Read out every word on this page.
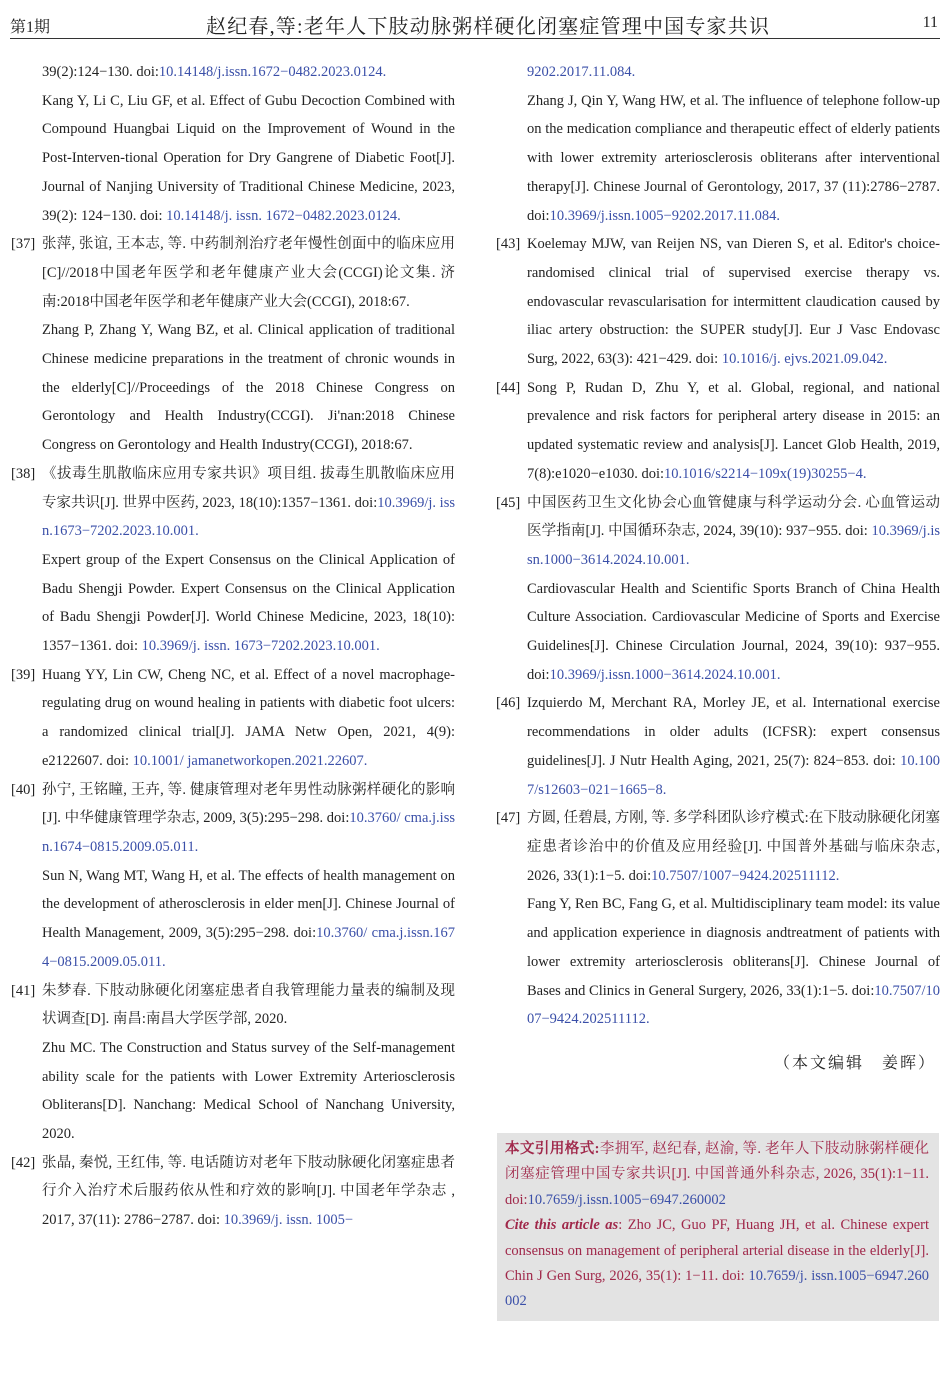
第1期	赵纪春,等:老年人下肢动脉粥样硬化闭塞症管理中国专家共识	11
39(2):124−130. doi:10.14148/j.issn.1672−0482.2023.0124.
Kang Y, Li C, Liu GF, et al. Effect of Gubu Decoction Combined with Compound Huangbai Liquid on the Improvement of Wound in the Post-Interven-tional Operation for Dry Gangrene of Diabetic Foot[J]. Journal of Nanjing University of Traditional Chinese Medicine, 2023, 39(2): 124−130. doi: 10.14148/j. issn. 1672−0482.2023.0124.
[37] 张萍, 张谊, 王本志, 等. 中药制剂治疗老年慢性创面中的临床应用[C]//2018中国老年医学和老年健康产业大会(CCGI)论文集. 济南:2018中国老年医学和老年健康产业大会(CCGI), 2018:67.
Zhang P, Zhang Y, Wang BZ, et al. Clinical application of traditional Chinese medicine preparations in the treatment of chronic wounds in the elderly[C]//Proceedings of the 2018 Chinese Congress on Gerontology and Health Industry(CCGI). Ji'nan:2018 Chinese Congress on Gerontology and Health Industry(CCGI), 2018:67.
[38] 《拔毒生肌散临床应用专家共识》项目组. 拔毒生肌散临床应用专家共识[J]. 世界中医药, 2023, 18(10):1357−1361. doi:10.3969/j. issn.1673−7202.2023.10.001.
Expert group of the Expert Consensus on the Clinical Application of Badu Shengji Powder. Expert Consensus on the Clinical Application of Badu Shengji Powder[J]. World Chinese Medicine, 2023, 18(10): 1357−1361. doi: 10.3969/j. issn. 1673−7202.2023.10.001.
[39] Huang YY, Lin CW, Cheng NC, et al. Effect of a novel macrophage-regulating drug on wound healing in patients with diabetic foot ulcers: a randomized clinical trial[J]. JAMA Netw Open, 2021, 4(9): e2122607. doi: 10.1001/ jamanetworkopen.2021.22607.
[40] 孙宁, 王铭瞳, 王卉, 等. 健康管理对老年男性动脉粥样硬化的影响[J]. 中华健康管理学杂志, 2009, 3(5):295−298. doi:10.3760/ cma.j.issn.1674−0815.2009.05.011.
Sun N, Wang MT, Wang H, et al. The effects of health management on the development of atherosclerosis in elder men[J]. Chinese Journal of Health Management, 2009, 3(5):295−298. doi:10.3760/ cma.j.issn.1674−0815.2009.05.011.
[41] 朱梦春. 下肢动脉硬化闭塞症患者自我管理能力量表的编制及现状调查[D]. 南昌:南昌大学医学部, 2020.
Zhu MC. The Construction and Status survey of the Self-management ability scale for the patients with Lower Extremity Arteriosclerosis Obliterans[D]. Nanchang: Medical School of Nanchang University, 2020.
[42] 张晶, 秦悦, 王红伟, 等. 电话随访对老年下肢动脉硬化闭塞症患者行介入治疗术后服药依从性和疗效的影响[J]. 中国老年学杂志 , 2017, 37(11): 2786−2787. doi: 10.3969/j. issn. 1005−
9202.2017.11.084.
Zhang J, Qin Y, Wang HW, et al. The influence of telephone follow-up on the medication compliance and therapeutic effect of elderly patients with lower extremity arteriosclerosis obliterans after interventional therapy[J]. Chinese Journal of Gerontology, 2017, 37 (11):2786−2787. doi:10.3969/j.issn.1005−9202.2017.11.084.
[43] Koelemay MJW, van Reijen NS, van Dieren S, et al. Editor's choice-randomised clinical trial of supervised exercise therapy vs. endovascular revascularisation for intermittent claudication caused by iliac artery obstruction: the SUPER study[J]. Eur J Vasc Endovasc Surg, 2022, 63(3): 421−429. doi: 10.1016/j. ejvs.2021.09.042.
[44] Song P, Rudan D, Zhu Y, et al. Global, regional, and national prevalence and risk factors for peripheral artery disease in 2015: an updated systematic review and analysis[J]. Lancet Glob Health, 2019, 7(8):e1020−e1030. doi:10.1016/s2214−109x(19)30255−4.
[45] 中国医药卫生文化协会心血管健康与科学运动分会. 心血管运动医学指南[J]. 中国循环杂志, 2024, 39(10): 937−955. doi: 10.3969/j.issn.1000−3614.2024.10.001.
Cardiovascular Health and Scientific Sports Branch of China Health Culture Association. Cardiovascular Medicine of Sports and Exercise Guidelines[J]. Chinese Circulation Journal, 2024, 39(10): 937−955. doi:10.3969/j.issn.1000−3614.2024.10.001.
[46] Izquierdo M, Merchant RA, Morley JE, et al. International exercise recommendations in older adults (ICFSR): expert consensus guidelines[J]. J Nutr Health Aging, 2021, 25(7): 824−853. doi: 10.1007/s12603−021−1665−8.
[47] 方圆, 任碧晨, 方刚, 等. 多学科团队诊疗模式:在下肢动脉硬化闭塞症患者诊治中的价值及应用经验[J]. 中国普外基础与临床杂志, 2026, 33(1):1−5. doi:10.7507/1007−9424.202511112.
Fang Y, Ren BC, Fang G, et al. Multidisciplinary team model: its value and application experience in diagnosis andtreatment of patients with lower extremity arteriosclerosis obliterans[J]. Chinese Journal of Bases and Clinics in General Surgery, 2026, 33(1):1−5. doi:10.7507/1007−9424.202511112.
（本文编辑　姜晖）
本文引用格式:李拥军, 赵纪春, 赵渝, 等. 老年人下肢动脉粥样硬化闭塞症管理中国专家共识[J]. 中国普通外科杂志, 2026, 35(1):1−11. doi:10.7659/j.issn.1005−6947.260002
Cite this article as: Zho JC, Guo PF, Huang JH, et al. Chinese expert consensus on management of peripheral arterial disease in the elderly[J]. Chin J Gen Surg, 2026, 35(1): 1−11. doi: 10.7659/j. issn.1005−6947.260002
